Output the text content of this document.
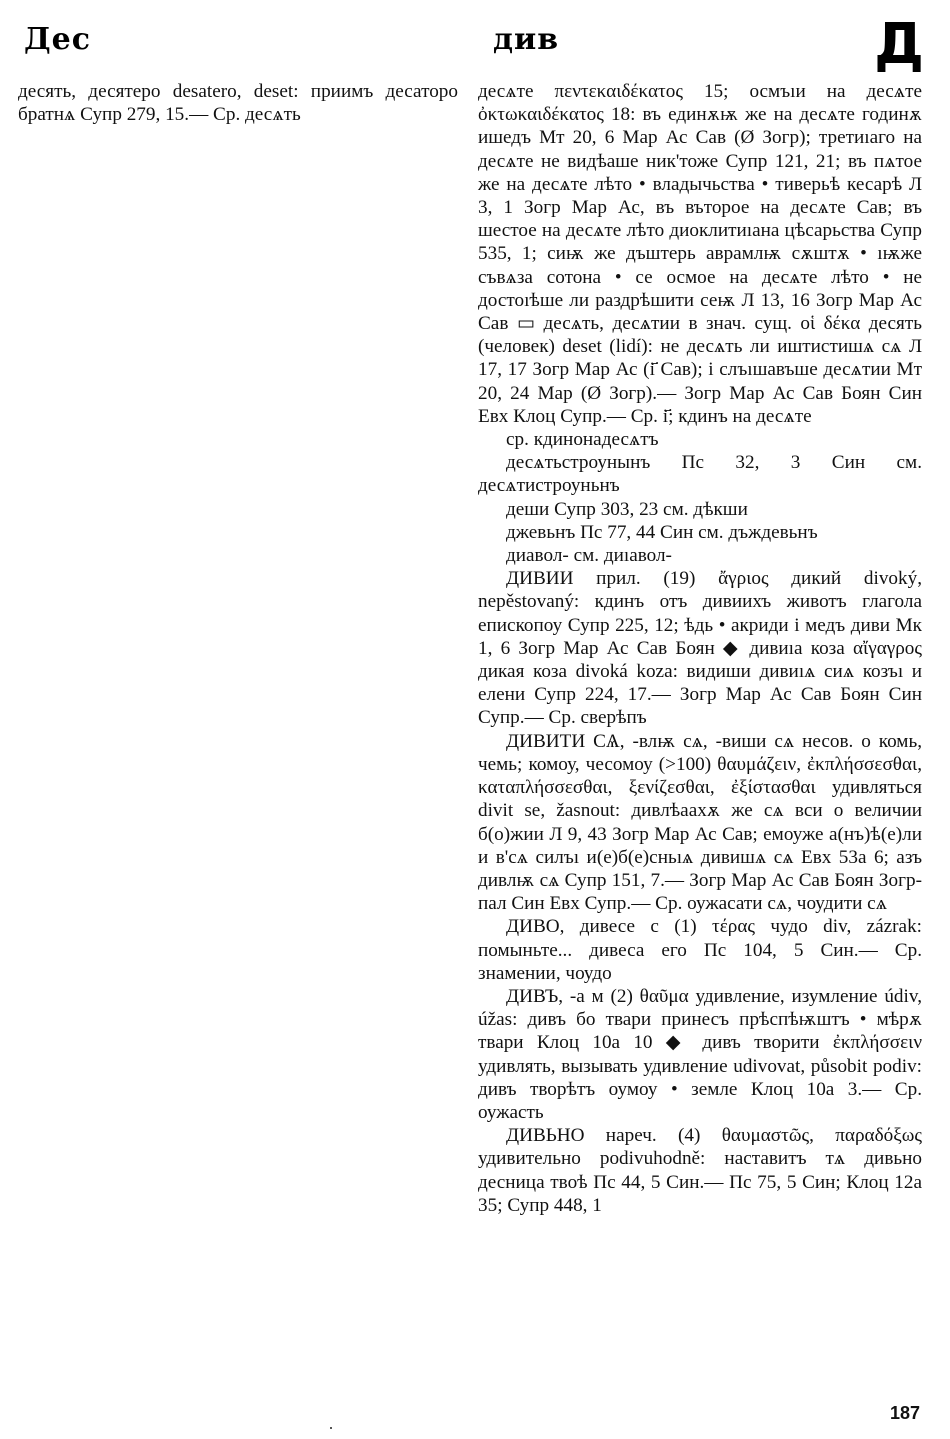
Дес	див	Д

десять, десятеро desatero, deset: приимъ десаторо братнѧ Супр 279, 15.— Ср. десѧть

десѧте πεντεκαιδέκατος 15; осмъıи на десѧте ὀκτωκαιδέκατος 18: въ единѫѭ же на десѧте годинѫ ишедъ Мт 20, 6 Мар Ас Сав (Ø Зогр); третиıаго на десѧте не видѣаше ник'тоже Супр 121, 21; въ пѧтое же на десѧте лѣто • владычьства • тиверьѣ кесарѣ Л 3, 1 Зогр Мар Ас, въ въторое на десѧте Сав; въ шестое на десѧте лѣто диоклитиıана цѣсарьства Супр 535, 1; сиѭ же дъштерь аврамлѭ сѫштѫ • ıѭже съвѧза сотона • се осмое на десѧте лѣто • не достоıѣше ли раздрѣшити сеѭ Л 13, 16 Зогр Мар Ас Сав ▭ десѧть, десѧтии в знач. сущ. οἱ δέκα десять (человек) deset (lidí): не десѧть ли иштистишѧ сѧ Л 17, 17 Зогр Мар Ас (і҃ Сав); і слъıшавъше десѧтии Мт 20, 24 Мар (Ø Зогр).— Зогр Мар Ас Сав Боян Син Евх Клоц Супр.— Ср. і҃; кдинъ на десѧте

ср. кдинонадесѧтъ

десѧтьстроунынъ Пс 32, 3 Син см. десѧтистроуньнъ

деши Супр 303, 23 см. дѣкши

джевьнъ Пс 77, 44 Син см. дъждевьнъ

диавол- см. диıавол-

ДИВИИ прил. (19) ἄγριος дикий divoký, nepěstovaný: кдинъ отъ дивиихъ животъ глагола епископоу Супр 225, 12; ѣдь • акриди і медъ диви Мк 1, 6 Зогр Мар Ас Сав Боян ◆ дивиıа коза αἴγαγρος дикая коза divoká koza: видиши дивиıѧ сиѧ козъı и елени Супр 224, 17.— Зогр Мар Ас Сав Боян Син Супр.— Ср. сверѣпъ

ДИВИТИ СѦ, -влѭ сѧ, -виши сѧ несов. о комь, чемь; комоу, чесомоу (>100) θαυμάζειν, ἐκπλήσσεσθαι, καταπλήσσεσθαι, ξενίζεσθαι, ἐξίστασθαι удивляться divit se, žasnout: дивлѣаахѫ же сѧ вси о величии б(о)жии Л 9, 43 Зогр Мар Ас Сав; емоуже а(нъ)ѣ(е)ли и в'сѧ силъı и(е)б(е)сньıѧ дивишѧ сѧ Евх 53а 6; азъ дивлѭ сѧ Супр 151, 7.— Зогр Мар Ас Сав Боян Зогр-пал Син Евх Супр.— Ср. оужасати сѧ, чоудити сѧ

ДИВО, дивесе с (1) τέρας чудо div, zázrak: помыньте... дивеса его Пс 104, 5 Син.— Ср. знамении, чоудо

ДИВЪ, -а м (2) θαῦμα удивление, изумление údiv, úžas: дивъ бо твари принесъ прѣспѣѭштъ • мѣрѫ твари Клоц 10а 10 ◆ дивъ творити ἐκπλήσσειν удивлять, вызывать удивление udivovat, působit podiv: дивъ творѣтъ оумоу • земле Клоц 10а 3.— Ср. оужасть

ДИВЬНО нареч. (4) θαυμαστῶς, παραδόξως удивительно podivuhodně: наставитъ тѧ дивьно десница твоѣ Пс 44, 5 Син.— Пс 75, 5 Син; Клоц 12а 35; Супр 448, 1

187
